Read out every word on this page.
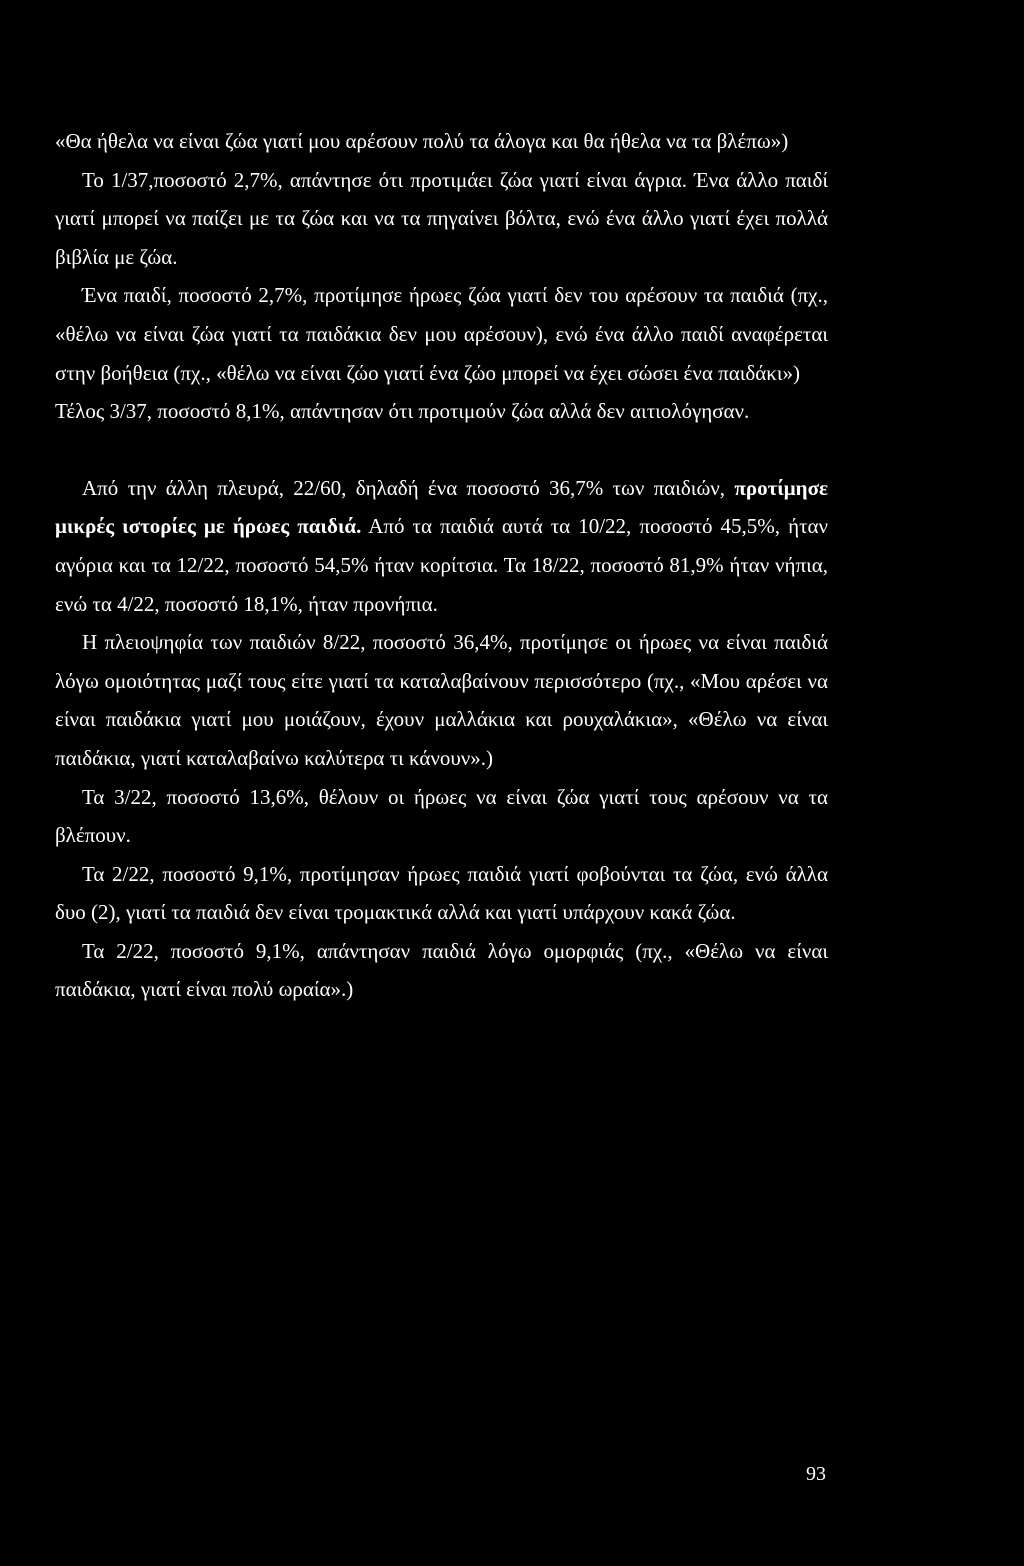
«Θα ήθελα να είναι ζώα γιατί μου αρέσουν πολύ τα άλογα και θα ήθελα να τα βλέπω»)

Το 1/37,ποσοστό 2,7%, απάντησε ότι προτιμάει ζώα γιατί είναι άγρια. Ένα άλλο παιδί γιατί μπορεί να παίζει με τα ζώα και να τα πηγαίνει βόλτα, ενώ ένα άλλο γιατί έχει πολλά βιβλία με ζώα.

Ένα παιδί, ποσοστό 2,7%, προτίμησε ήρωες ζώα γιατί δεν του αρέσουν τα παιδιά (πχ., «θέλω να είναι ζώα γιατί τα παιδάκια δεν μου αρέσουν), ενώ ένα άλλο παιδί αναφέρεται στην βοήθεια (πχ., «θέλω να είναι ζώο γιατί ένα ζώο μπορεί να έχει σώσει ένα παιδάκι»)

Τέλος 3/37, ποσοστό 8,1%, απάντησαν ότι προτιμούν ζώα αλλά δεν αιτιολόγησαν.

Από την άλλη πλευρά, 22/60, δηλαδή ένα ποσοστό 36,7% των παιδιών, προτίμησε μικρές ιστορίες με ήρωες παιδιά. Από τα παιδιά αυτά τα 10/22, ποσοστό 45,5%, ήταν αγόρια και τα 12/22, ποσοστό 54,5% ήταν κορίτσια. Τα 18/22, ποσοστό 81,9% ήταν νήπια, ενώ τα 4/22, ποσοστό 18,1%, ήταν προνήπια.

Η πλειοψηφία των παιδιών 8/22, ποσοστό 36,4%, προτίμησε οι ήρωες να είναι παιδιά λόγω ομοιότητας μαζί τους είτε γιατί τα καταλαβαίνουν περισσότερο (πχ., «Μου αρέσει να είναι παιδάκια γιατί μου μοιάζουν, έχουν μαλλάκια και ρουχαλάκια», «Θέλω να είναι παιδάκια, γιατί καταλαβαίνω καλύτερα τι κάνουν».)

Τα 3/22, ποσοστό 13,6%, θέλουν οι ήρωες να είναι ζώα γιατί τους αρέσουν να τα βλέπουν.

Τα 2/22, ποσοστό 9,1%, προτίμησαν ήρωες παιδιά γιατί φοβούνται τα ζώα, ενώ άλλα δυο (2), γιατί τα παιδιά δεν είναι τρομακτικά αλλά και γιατί υπάρχουν κακά ζώα.

Τα 2/22, ποσοστό 9,1%, απάντησαν παιδιά λόγω ομορφιάς (πχ., «Θέλω να είναι παιδάκια, γιατί είναι πολύ ωραία».)

93
